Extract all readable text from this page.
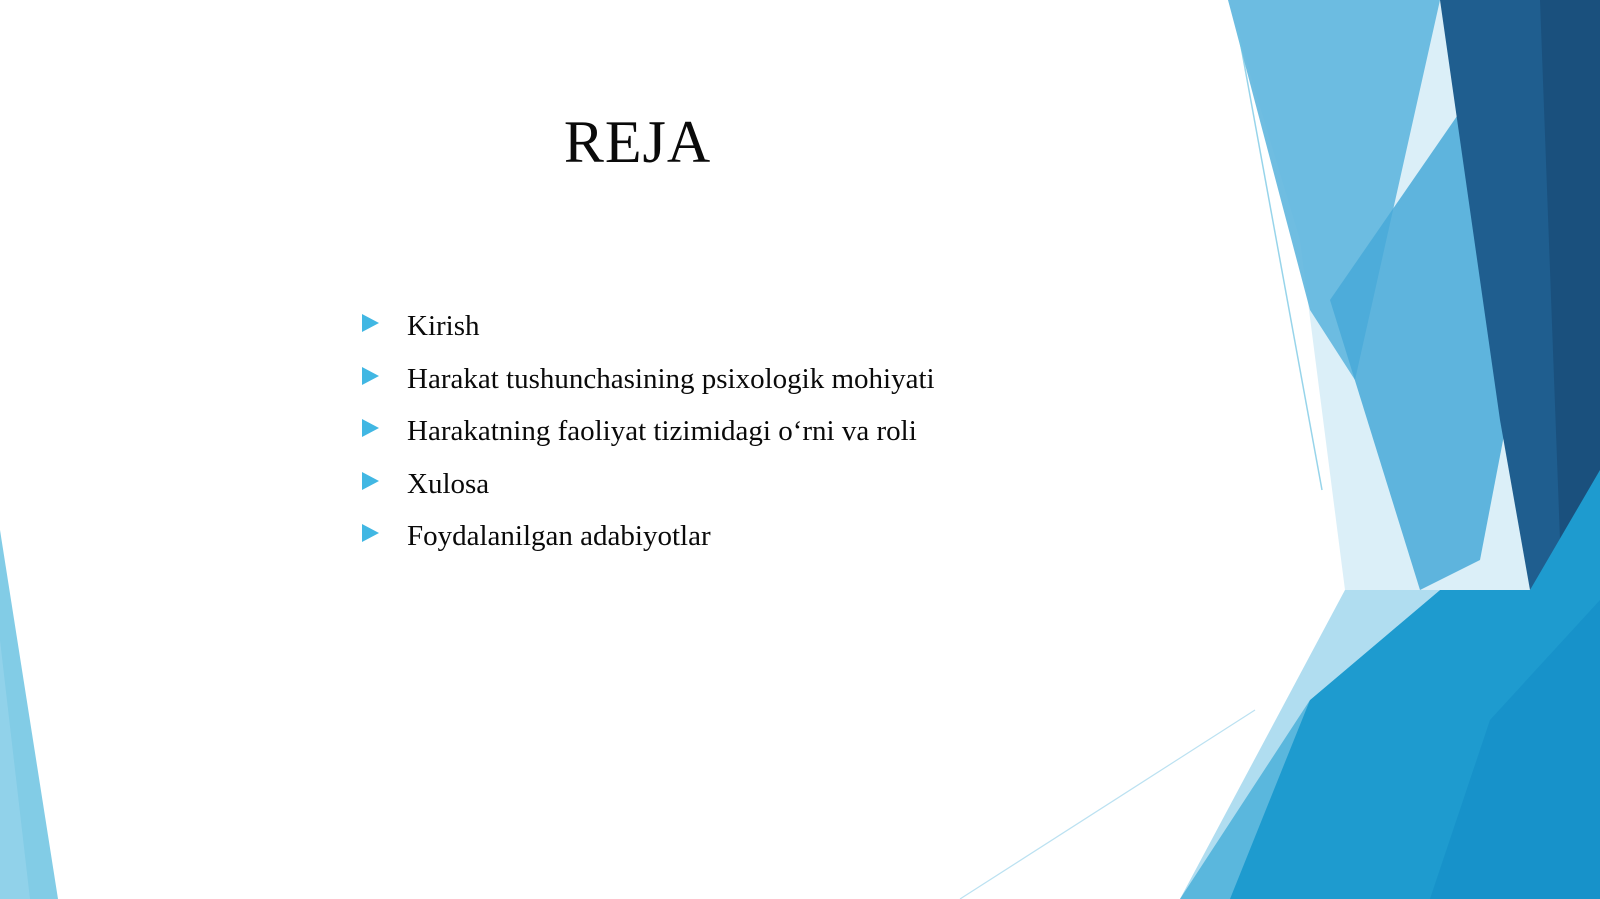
REJA
Kirish
Harakat tushunchasining psixologik mohiyati
Harakatning faoliyat tizimidagi o‘rni va roli
Xulosa
Foydalanilgan adabiyotlar
